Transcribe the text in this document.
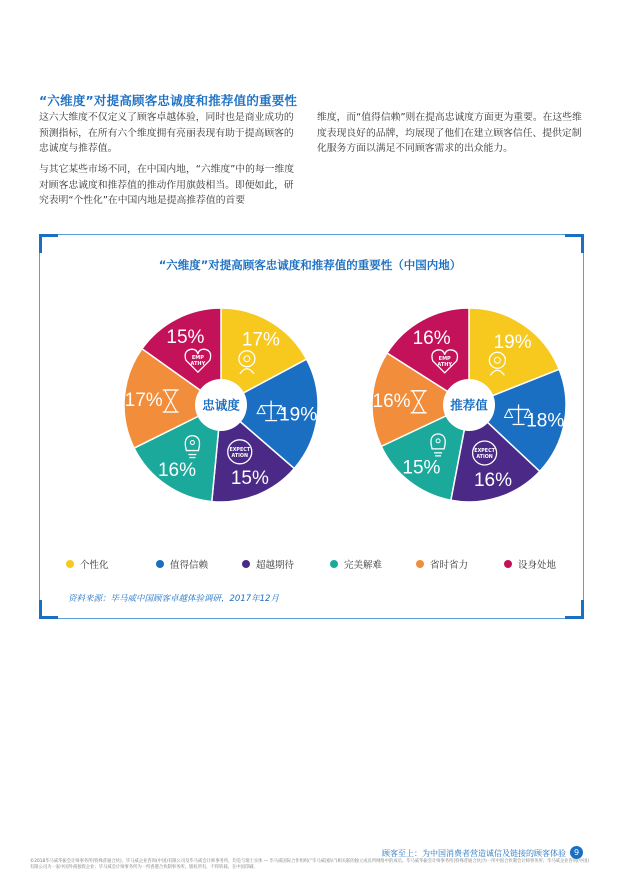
“六维度”对提高顾客忠诚度和推荐值的重要性

这六大维度不仅定义了顾客卓越体验，同时也是商业成功的预测指标，在所有六个维度拥有亮丽表现有助于提高顾客的忠诚度与推荐值。

与其它某些市场不同，在中国内地，“六维度”中的每一维度对顾客忠诚度和推荐值的推动作用旗鼓相当。即便如此，研究表明“个性化”在中国内地是提高推荐值的首要

维度，而“值得信赖”则在提高忠诚度方面更为重要。在这些维度表现良好的品牌，均展现了他们在建立顾客信任、提供定制化服务方面以满足不同顾客需求的出众能力。

“六维度”对提高顾客忠诚度和推荐值的重要性（中国内地）
17%
19%
EXPECT
ATION
15%
16%
17%
EMP
ATHY
15%
忠诚度
19%
18%
EXPECT
ATION
16%
15%
16%
EMP
ATHY
16%
推荐值
个性化	值得信赖	超越期待	完美解难	省时省力	设身处地
资料来源：毕马威中国顾客卓越体验调研，2017年12月
顾客至上：为中国消费者营造诚信及链接的顾客体验 9
©2018毕马威华振会计师事务所(特殊普通合伙)、毕马威企业咨询(中国)有限公司及毕马威会计师事务所，均是与瑞士实体 — 毕马威国际合作组织(“毕马威国际”)相关联的独立成员所网络中的成员。毕马威华振会计师事务所(特殊普通合伙)为一所中国合伙制会计师事务所；毕马威企业咨询(中国)有限公司为一家中国外商独资企业；毕马威会计师事务所为一所香港合伙制事务所。版权所有，不得转载。在中国印刷。
